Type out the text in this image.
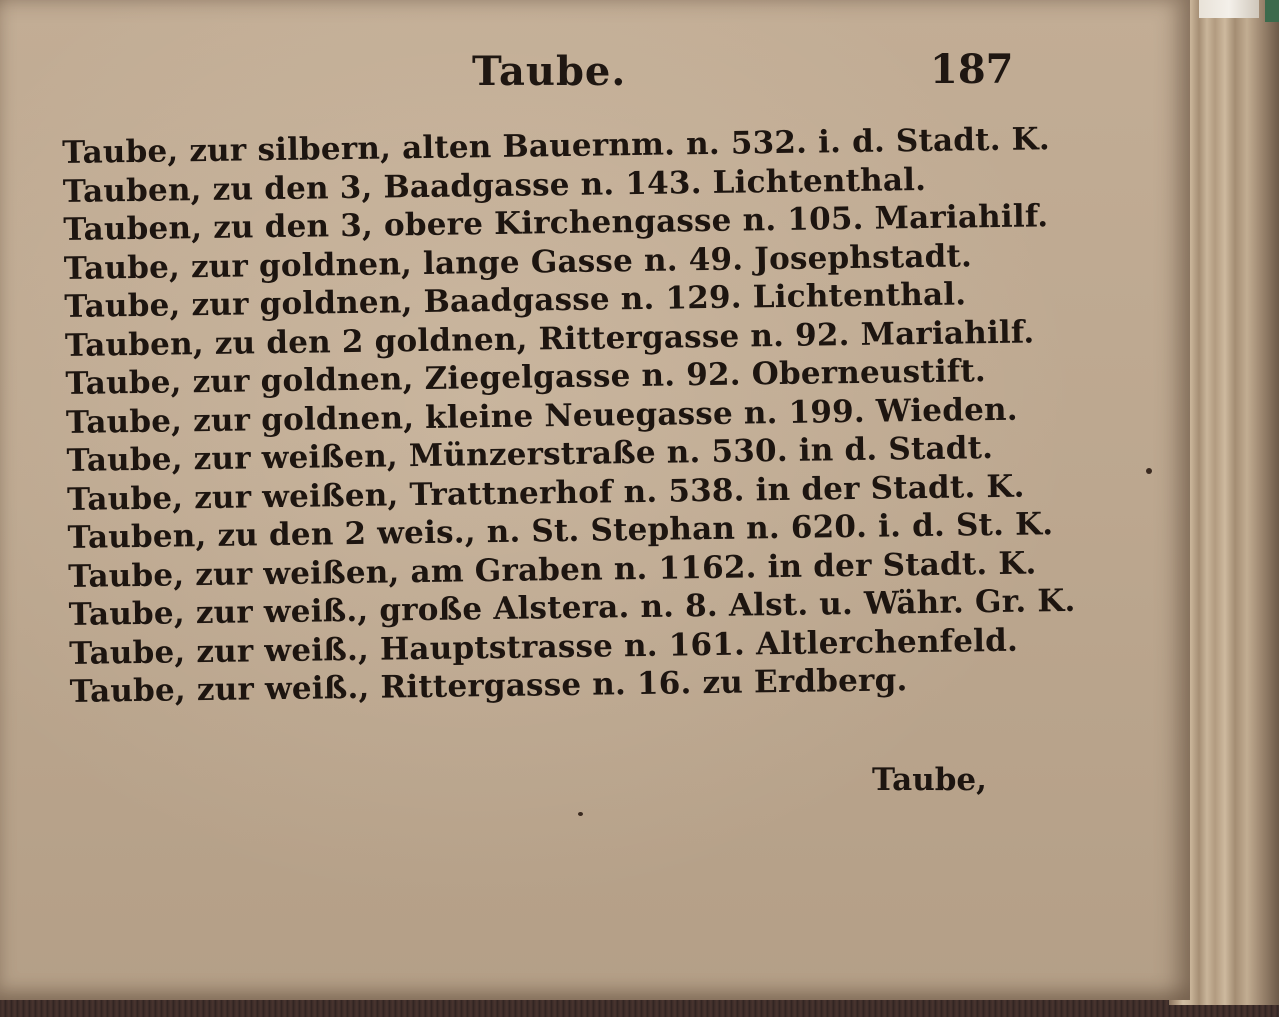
Taube.	187
Taube, zur silbern, alten Bauernm. n. 532. i. d. Stadt. K.
Tauben, zu den 3, Baadgasse n. 143. Lichtenthal.
Tauben, zu den 3, obere Kirchengasse n. 105. Mariahilf.
Taube, zur goldnen, lange Gasse n. 49. Josephstadt.
Taube, zur goldnen, Baadgasse n. 129. Lichtenthal.
Tauben, zu den 2 goldnen, Rittergasse n. 92. Mariahilf.
Taube, zur goldnen, Ziegelgasse n. 92. Oberneustift.
Taube, zur goldnen, kleine Neuegasse n. 199. Wieden.
Taube, zur weißen, Münzerstraße n. 530. in d. Stadt.
Taube, zur weißen, Trattnerhof n. 538. in der Stadt. K.
Tauben, zu den 2 weis., n. St. Stephan n. 620. i. d. St. K.
Taube, zur weißen, am Graben n. 1162. in der Stadt. K.
Taube, zur weiß., große Alstera. n. 8. Alst. u. Währ. Gr. K.
Taube, zur weiß., Hauptstrasse n. 161. Altlerchenfeld.
Taube, zur weiß., Rittergasse n. 16. zu Erdberg.
Taube,
